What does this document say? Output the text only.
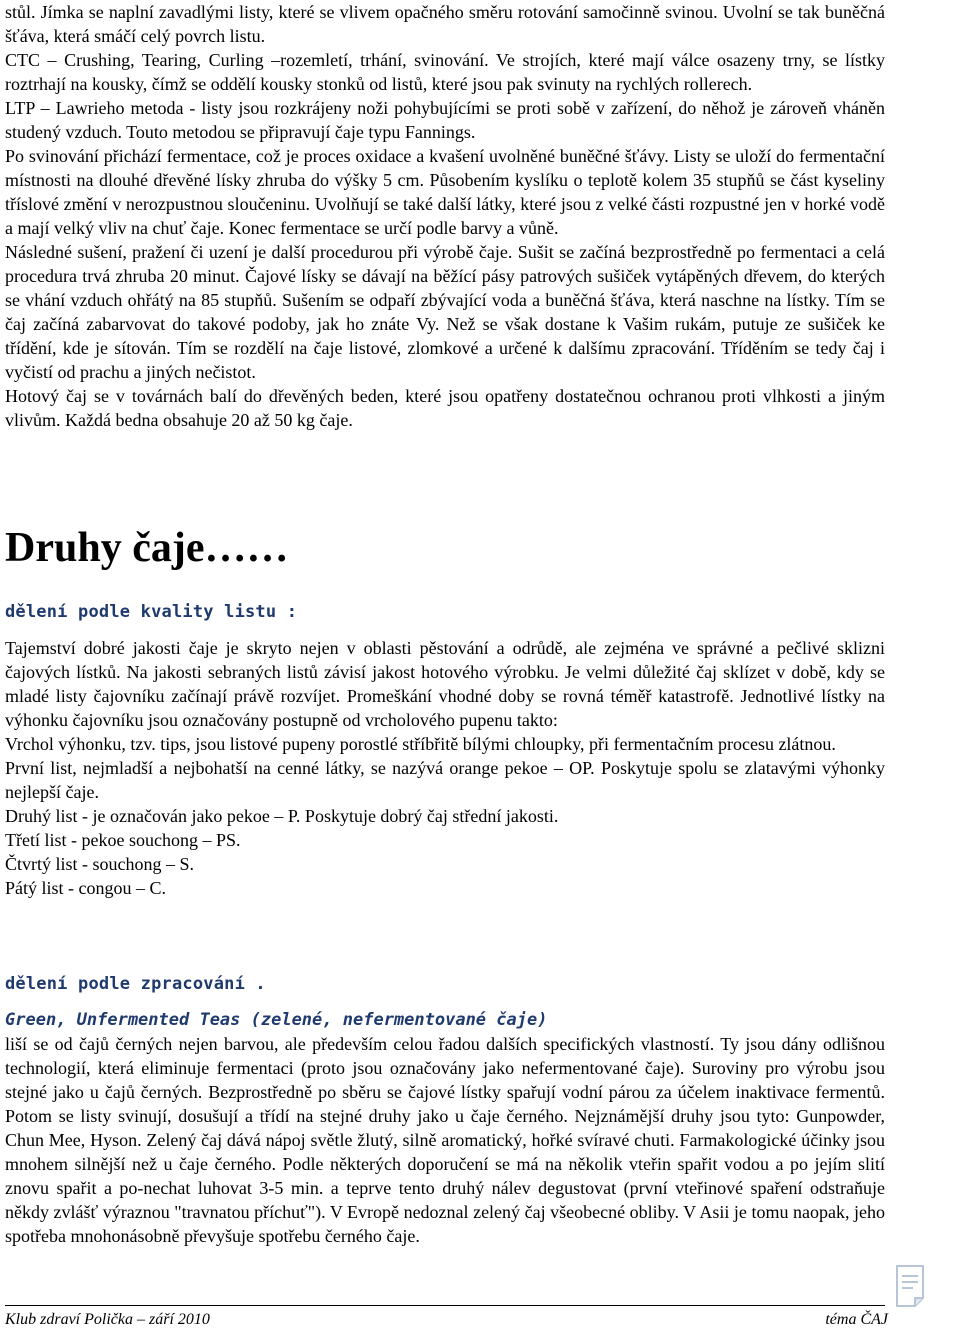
stůl. Jímka se naplní zavadlými listy, které se vlivem opačného směru rotování samočinně svinou. Uvolní se tak buněčná šťáva, která smáčí celý povrch listu.

CTC – Crushing, Tearing, Curling –rozemletí, trhání, svinování. Ve strojích, které mají válce osazeny trny, se lístky roztrhají na kousky, čímž se oddělí kousky stonků od listů, které jsou pak svinuty na rychlých rollerech.

LTP – Lawrieho metoda - listy jsou rozkrájeny noži pohybujícími se proti sobě v zařízení, do něhož je zároveň vháněn studený vzduch. Touto metodou se připravují čaje typu Fannings.

Po svinování přichází fermentace, což je proces oxidace a kvašení uvolněné buněčné šťávy. Listy se uloží do fermentační místnosti na dlouhé dřevěné lísky zhruba do výšky 5 cm. Působením kyslíku o teplotě kolem 35 stupňů se část kyseliny tříslové změní v nerozpustnou sloučeninu. Uvolňují se také další látky, které jsou z velké části rozpustné jen v horké vodě a mají velký vliv na chuť čaje. Konec fermentace se určí podle barvy a vůně.

Následné sušení, pražení či uzení je další procedurou při výrobě čaje. Sušit se začíná bezprostředně po fermentaci a celá procedura trvá zhruba 20 minut. Čajové lísky se dávají na běžící pásy patrových sušiček vytápěných dřevem, do kterých se vhání vzduch ohřátý na 85 stupňů. Sušením se odpaří zbývající voda a buněčná šťáva, která naschne na lístky. Tím se čaj začíná zabarvovat do takové podoby, jak ho znáte Vy. Než se však dostane k Vašim rukám, putuje ze sušiček ke třídění, kde je sítován. Tím se rozdělí na čaje listové, zlomkové a určené k dalšímu zpracování. Tříděním se tedy čaj i vyčistí od prachu a jiných nečistot.

Hotový čaj se v továrnách balí do dřevěných beden, které jsou opatřeny dostatečnou ochranou proti vlhkosti a jiným vlivům. Každá bedna obsahuje 20 až 50 kg čaje.

Druhy čaje……
dělení podle kvality listu :

Tajemství dobré jakosti čaje je skryto nejen v oblasti pěstování a odrůdě, ale zejména ve správné a pečlivé sklizni čajových lístků. Na jakosti sebraných listů závisí jakost hotového výrobku. Je velmi důležité čaj sklízet v době, kdy se mladé listy čajovníku začínají právě rozvíjet. Promeškání vhodné doby se rovná téměř katastrofě. Jednotlivé lístky na výhonku čajovníku jsou označovány postupně od vrcholového pupenu takto:

Vrchol výhonku, tzv. tips, jsou listové pupeny porostlé stříbřitě bílými chloupky, při fermentačním procesu zlátnou.

První list, nejmladší a nejbohatší na cenné látky, se nazývá orange pekoe – OP. Poskytuje spolu se zlatavými výhonky nejlepší čaje.

Druhý list - je označován jako pekoe – P. Poskytuje dobrý čaj střední jakosti.

Třetí list - pekoe souchong – PS.

Čtvrtý list - souchong – S.

Pátý list - congou – C.

dělení podle zpracování .

Green, Unfermented Teas (zelené, nefermentované čaje)

liší se od čajů černých nejen barvou, ale především celou řadou dalších specifických vlastností. Ty jsou dány odlišnou technologií, která eliminuje fermentaci (proto jsou označovány jako nefermentované čaje). Suroviny pro výrobu jsou stejné jako u čajů černých. Bezprostředně po sběru se čajové lístky spařují vodní párou za účelem inaktivace fermentů. Potom se listy svinují, dosušují a třídí na stejné druhy jako u čaje černého. Nejznámější druhy jsou tyto: Gunpowder, Chun Mee, Hyson. Zelený čaj dává nápoj světle žlutý, silně aromatický, hořké svíravé chuti. Farmakologické účinky jsou mnohem silnější než u čaje černého. Podle některých doporučení se má na několik vteřin spařit vodou a po jejím slití znovu spařit a po-nechat luhovat 3-5 min. a teprve tento druhý nálev degustovat (první vteřinové spaření odstraňuje někdy zvlášť výraznou "travnatou příchuť"). V Evropě nedoznal zelený čaj všeobecné obliby. V Asii je tomu naopak, jeho spotřeba mnohonásobně převyšuje spotřebu černého čaje.

Klub zdraví Polička – září 2010	téma ČAJ
